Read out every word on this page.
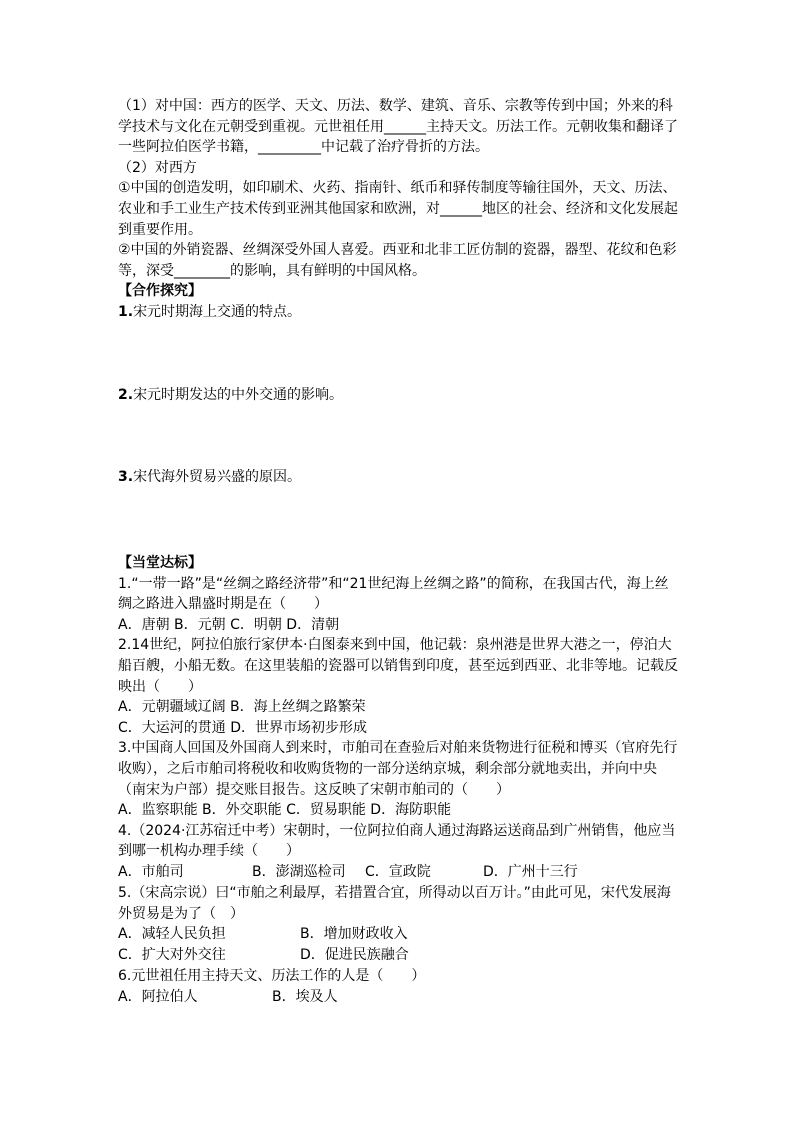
（1）对中国：西方的医学、天文、历法、数学、建筑、音乐、宗教等传到中国；外来的科学技术与文化在元朝受到重视。元世祖任用______主持天文。历法工作。元朝收集和翻译了一些阿拉伯医学书籍，_________中记载了治疗骨折的方法。

（2）对西方

①中国的创造发明，如印刷术、火药、指南针、纸币和驿传制度等输往国外，天文、历法、农业和手工业生产技术传到亚洲其他国家和欧洲，对______地区的社会、经济和文化发展起到重要作用。

②中国的外销瓷器、丝绸深受外国人喜爱。西亚和北非工匠仿制的瓷器，器型、花纹和色彩等，深受________的影响，具有鲜明的中国风格。

【合作探究】

1.宋元时期海上交通的特点。

2.宋元时期发达的中外交通的影响。

3.宋代海外贸易兴盛的原因。

【当堂达标】

1.“一带一路”是“丝绸之路经济带”和“21世纪海上丝绸之路”的简称，在我国古代，海上丝绸之路进入鼎盛时期是在（　　）

A．唐朝 B．元朝 C．明朝 D．清朝

2.14世纪，阿拉伯旅行家伊本·白图泰来到中国，他记载：泉州港是世界大港之一，停泊大船百艘，小船无数。在这里装船的瓷器可以销售到印度，甚至远到西亚、北非等地。记载反映出（　　）

A．元朝疆域辽阔 B．海上丝绸之路繁荣

C．大运河的贯通 D．世界市场初步形成

3.中国商人回国及外国商人到来时，市舶司在查验后对舶来货物进行征税和博买（官府先行收购），之后市舶司将税收和收购货物的一部分送纳京城，剩余部分就地卖出，并向中央（南宋为户部）提交账目报告。这反映了宋朝市舶司的（　　）

A．监察职能 B．外交职能 C．贸易职能 D．海防职能

4.（2024·江苏宿迁中考）宋朝时，一位阿拉伯商人通过海路运送商品到广州销售，他应当到哪一机构办理手续（　　）

A．市舶司	B．澎湖巡检司	C．宣政院	D．广州十三行

5.（宋高宗说）曰“市舶之利最厚，若措置合宜，所得动以百万计。”由此可见，宋代发展海外贸易是为了（　）

A．减轻人民负担	B．增加财政收入
C．扩大对外交往	D．促进民族融合

6.元世祖任用主持天文、历法工作的人是（　　）

A．阿拉伯人	B．埃及人
